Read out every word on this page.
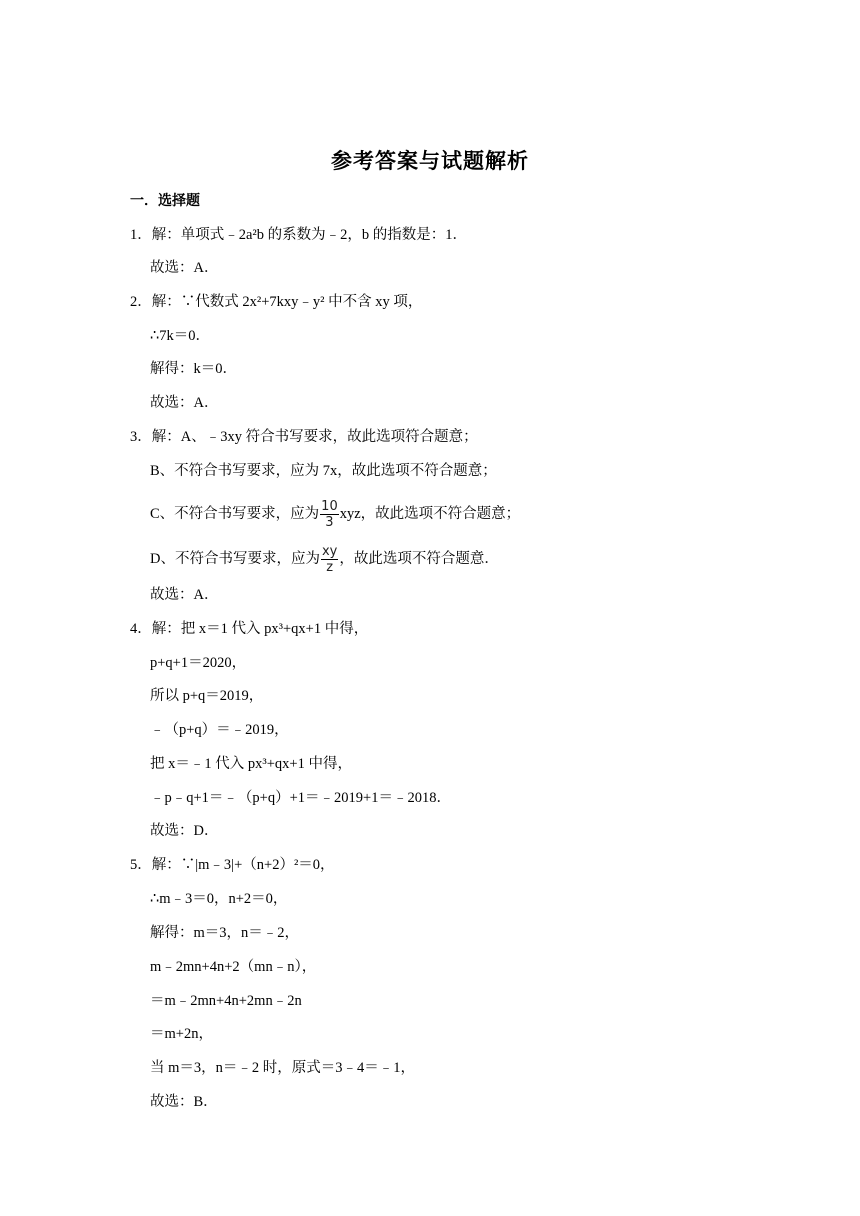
参考答案与试题解析
一．选择题
1．解：单项式﹣2a²b 的系数为﹣2，b 的指数是：1．
故选：A．
2．解：∵代数式 2x²+7kxy﹣y² 中不含 xy 项，
∴7k＝0．
解得：k＝0．
故选：A．
3．解：A、﹣3xy 符合书写要求，故此选项符合题意；
B、不符合书写要求，应为 7x，故此选项不符合题意；
C、不符合书写要求，应为 $\frac{10}{3}$ xyz，故此选项不符合题意；
D、不符合书写要求，应为 $\frac{xy}{z}$ ，故此选项不符合题意．
故选：A．
4．解：把 x＝1 代入 px³+qx+1 中得，
p+q+1＝2020，
所以 p+q＝2019，
﹣（p+q）＝﹣2019，
把 x＝﹣1 代入 px³+qx+1 中得，
﹣p﹣q+1＝﹣（p+q）+1＝﹣2019+1＝﹣2018．
故选：D．
5．解：∵|m﹣3|+（n+2）²＝0，
∴m﹣3＝0，n+2＝0，
解得：m＝3，n＝﹣2，
m﹣2mn+4n+2（mn﹣n），
＝m﹣2mn+4n+2mn﹣2n
＝m+2n，
当 m＝3，n＝﹣2 时，原式＝3﹣4＝﹣1，
故选：B．
